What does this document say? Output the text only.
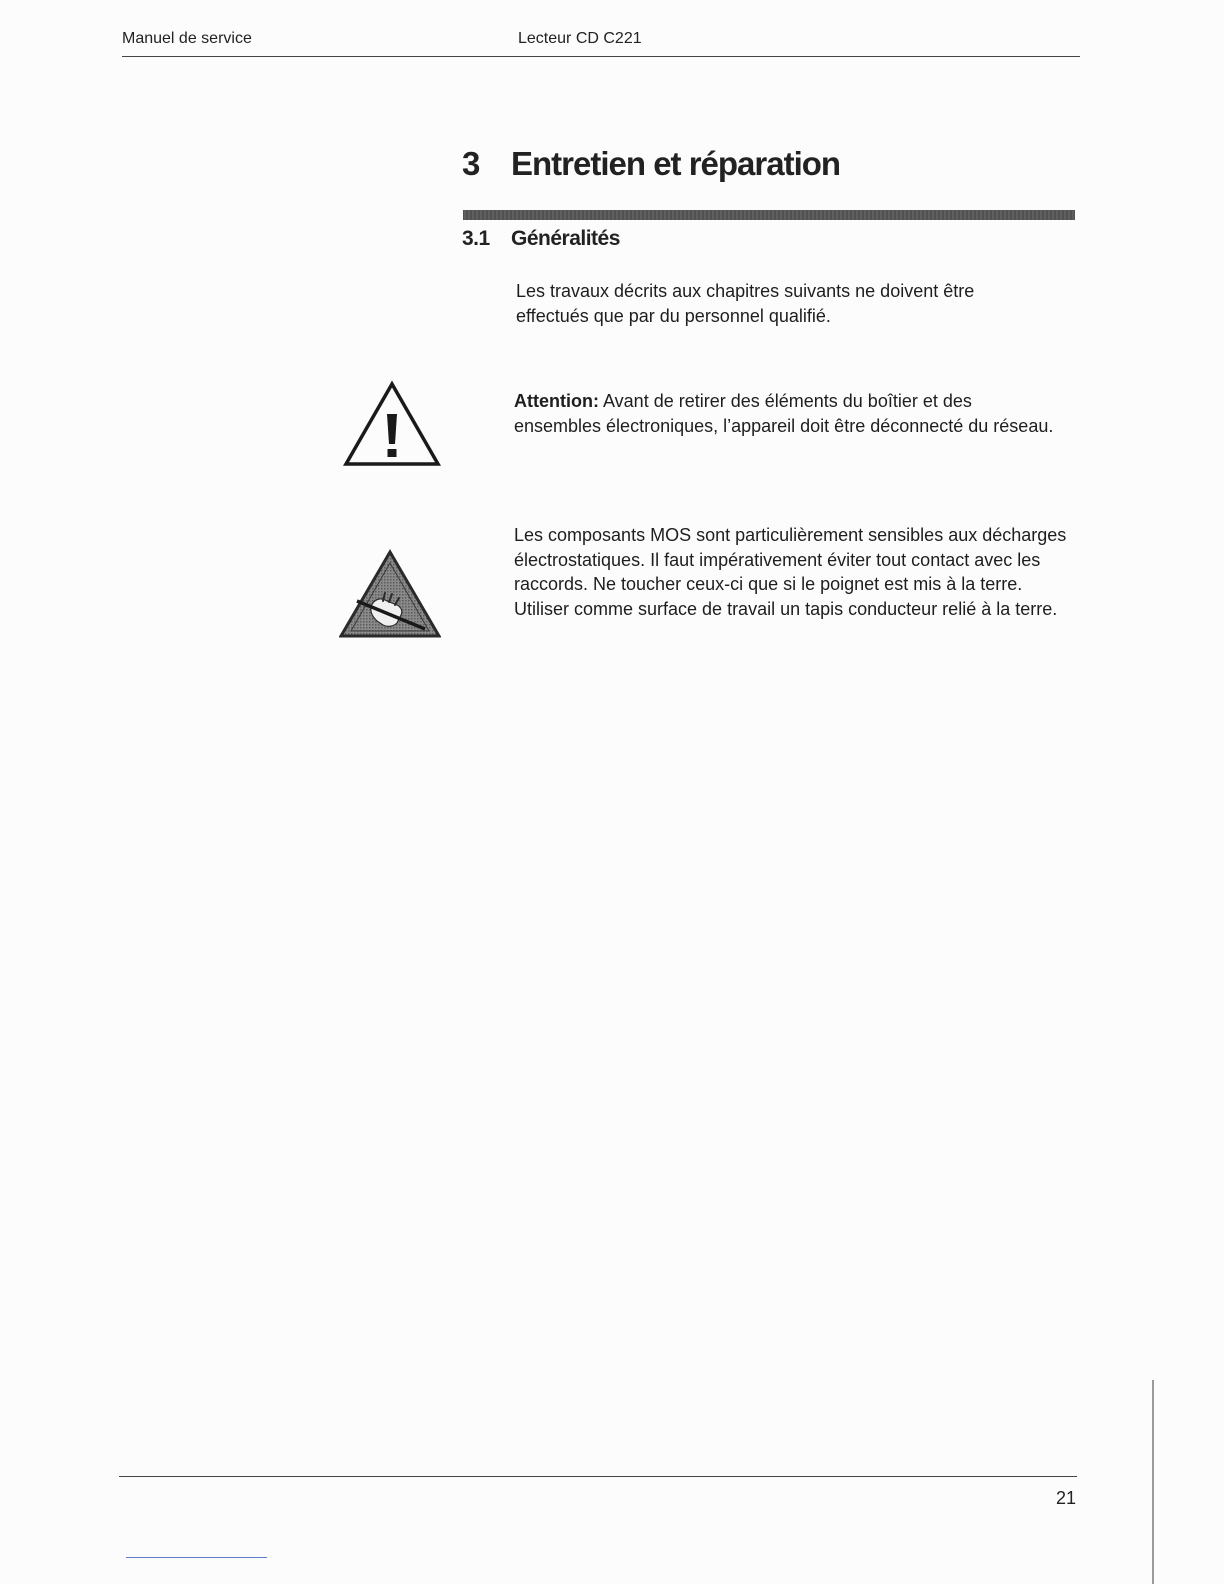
Manuel de service	Lecteur CD C221
3 Entretien et réparation
3.1 Généralités

Les travaux décrits aux chapitres suivants ne doivent être effectués que par du personnel qualifié.

Attention: Avant de retirer des éléments du boîtier et des ensembles électroniques, l’appareil doit être déconnecté du réseau.

Les composants MOS sont particulièrement sensibles aux décharges électrostatiques. Il faut impérativement éviter tout contact avec les raccords. Ne toucher ceux-ci que si le poignet est mis à la terre. Utiliser comme surface de travail un tapis conducteur relié à la terre.

21
